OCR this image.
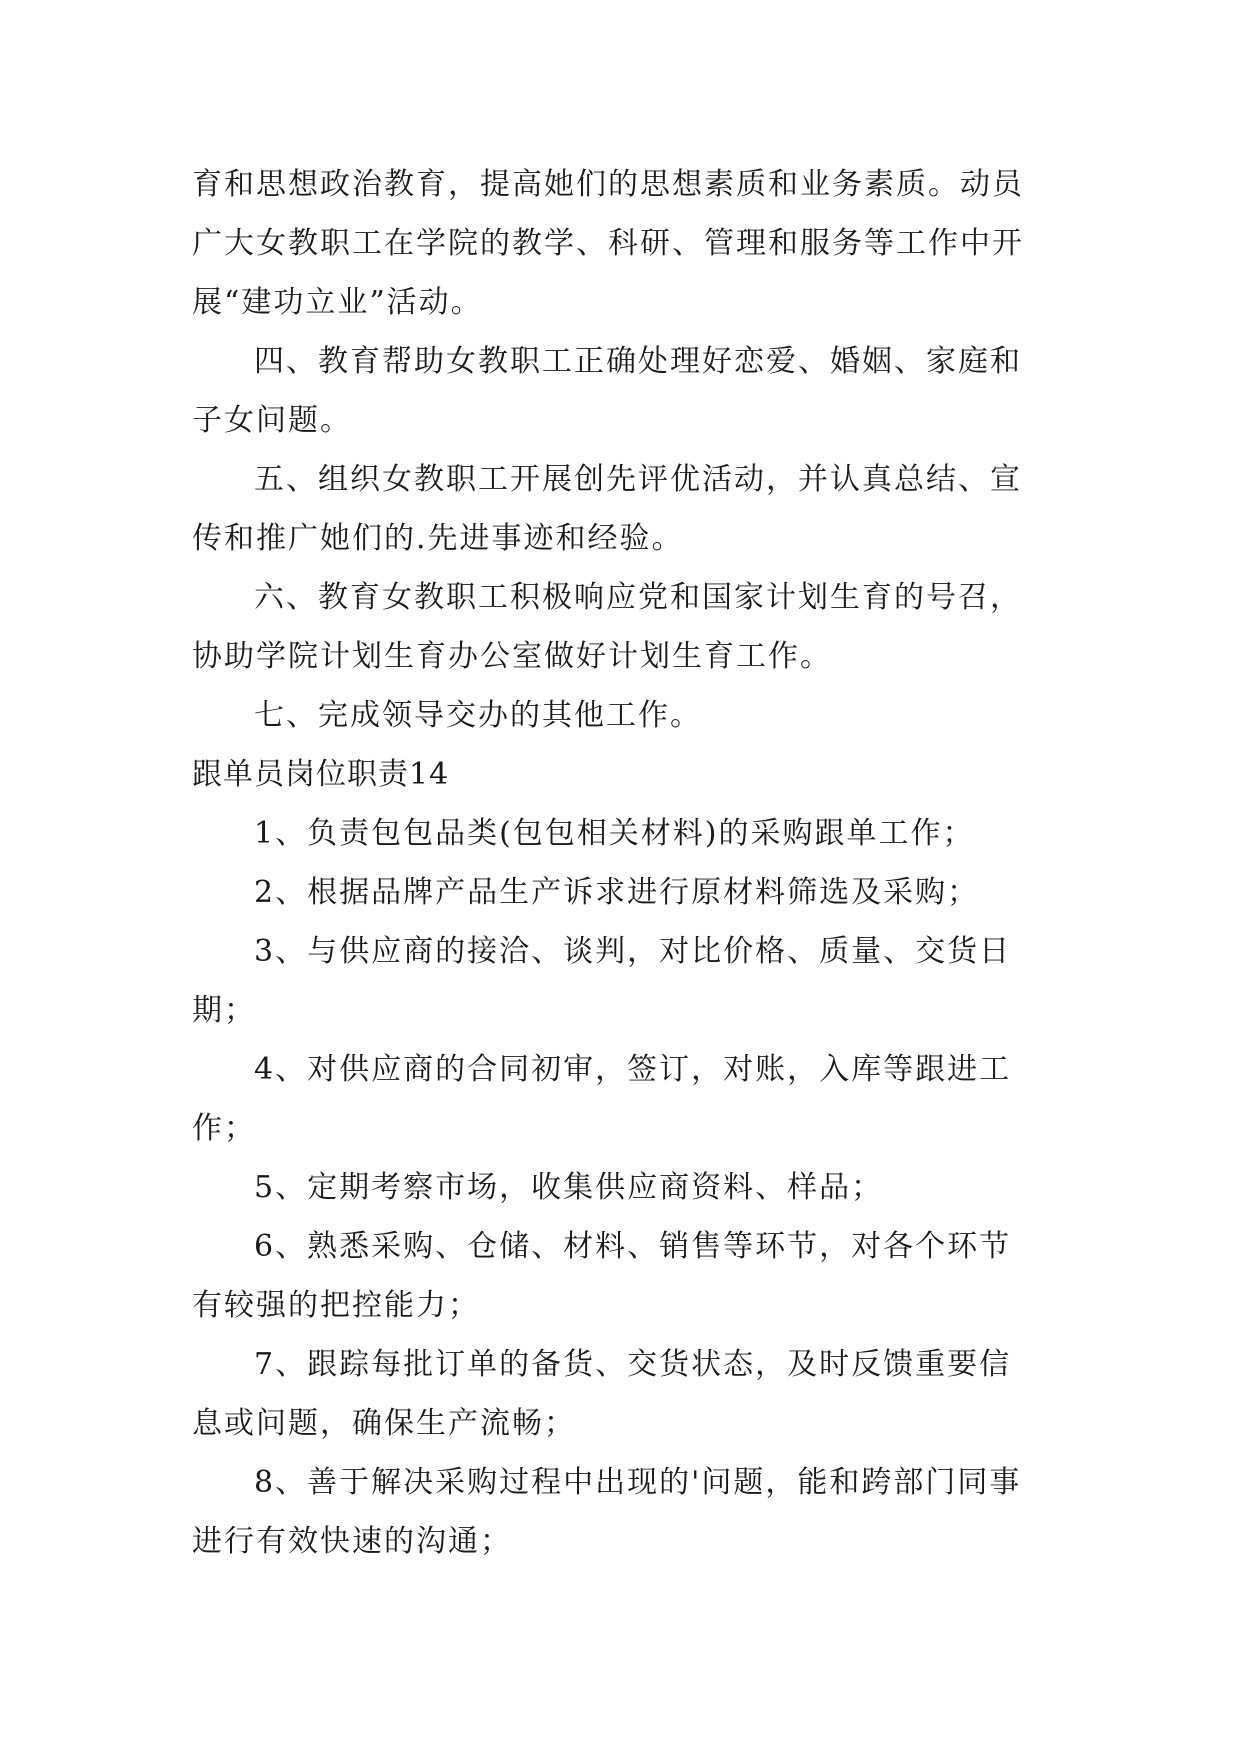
育和思想政治教育，提高她们的思想素质和业务素质。动员
广大女教职工在学院的教学、科研、管理和服务等工作中开
展“建功立业”活动。
四、教育帮助女教职工正确处理好恋爱、婚姻、家庭和
子女问题。
五、组织女教职工开展创先评优活动，并认真总结、宣
传和推广她们的.先进事迹和经验。
六、教育女教职工积极响应党和国家计划生育的号召，
协助学院计划生育办公室做好计划生育工作。
七、完成领导交办的其他工作。
跟单员岗位职责14
1、负责包包品类(包包相关材料)的采购跟单工作；
2、根据品牌产品生产诉求进行原材料筛选及采购；
3、与供应商的接洽、谈判，对比价格、质量、交货日
期；
4、对供应商的合同初审，签订，对账，入库等跟进工
作；
5、定期考察市场，收集供应商资料、样品；
6、熟悉采购、仓储、材料、销售等环节，对各个环节
有较强的把控能力；
7、跟踪每批订单的备货、交货状态，及时反馈重要信
息或问题，确保生产流畅；
8、善于解决采购过程中出现的'问题，能和跨部门同事
进行有效快速的沟通；
